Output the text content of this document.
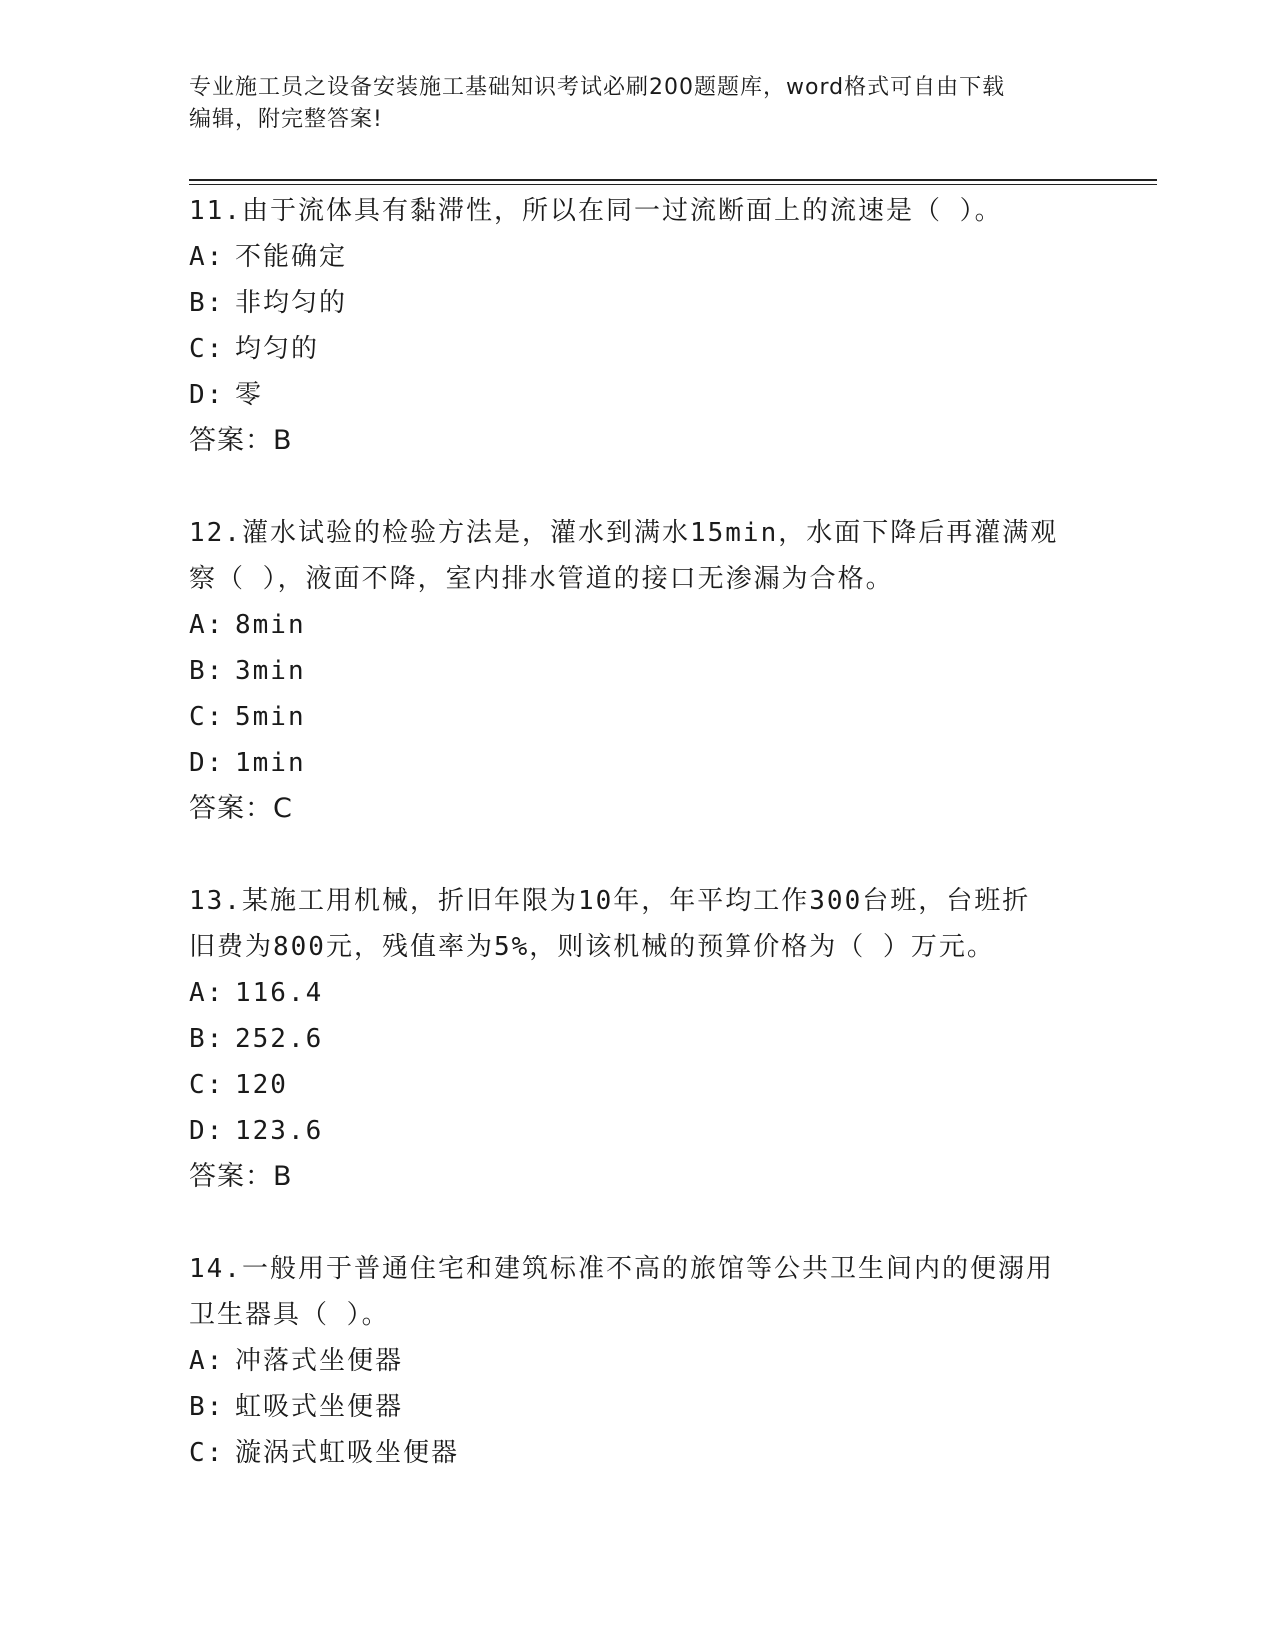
专业施工员之设备安装施工基础知识考试必刷200题题库，word格式可自由下载
编辑，附完整答案!
11.由于流体具有黏滞性，所以在同一过流断面上的流速是（ ）。
A: 不能确定
B: 非均匀的
C: 均匀的
D: 零
答案：B
12.灌水试验的检验方法是，灌水到满水15min，水面下降后再灌满观
察（ ），液面不降，室内排水管道的接口无渗漏为合格。
A: 8min
B: 3min
C: 5min
D: 1min
答案：C
13.某施工用机械，折旧年限为10年，年平均工作300台班，台班折
旧费为800元，残值率为5%，则该机械的预算价格为（ ）万元。
A: 116.4
B: 252.6
C: 120
D: 123.6
答案：B
14.一般用于普通住宅和建筑标准不高的旅馆等公共卫生间内的便溺用
卫生器具（ ）。
A: 冲落式坐便器
B: 虹吸式坐便器
C: 漩涡式虹吸坐便器
